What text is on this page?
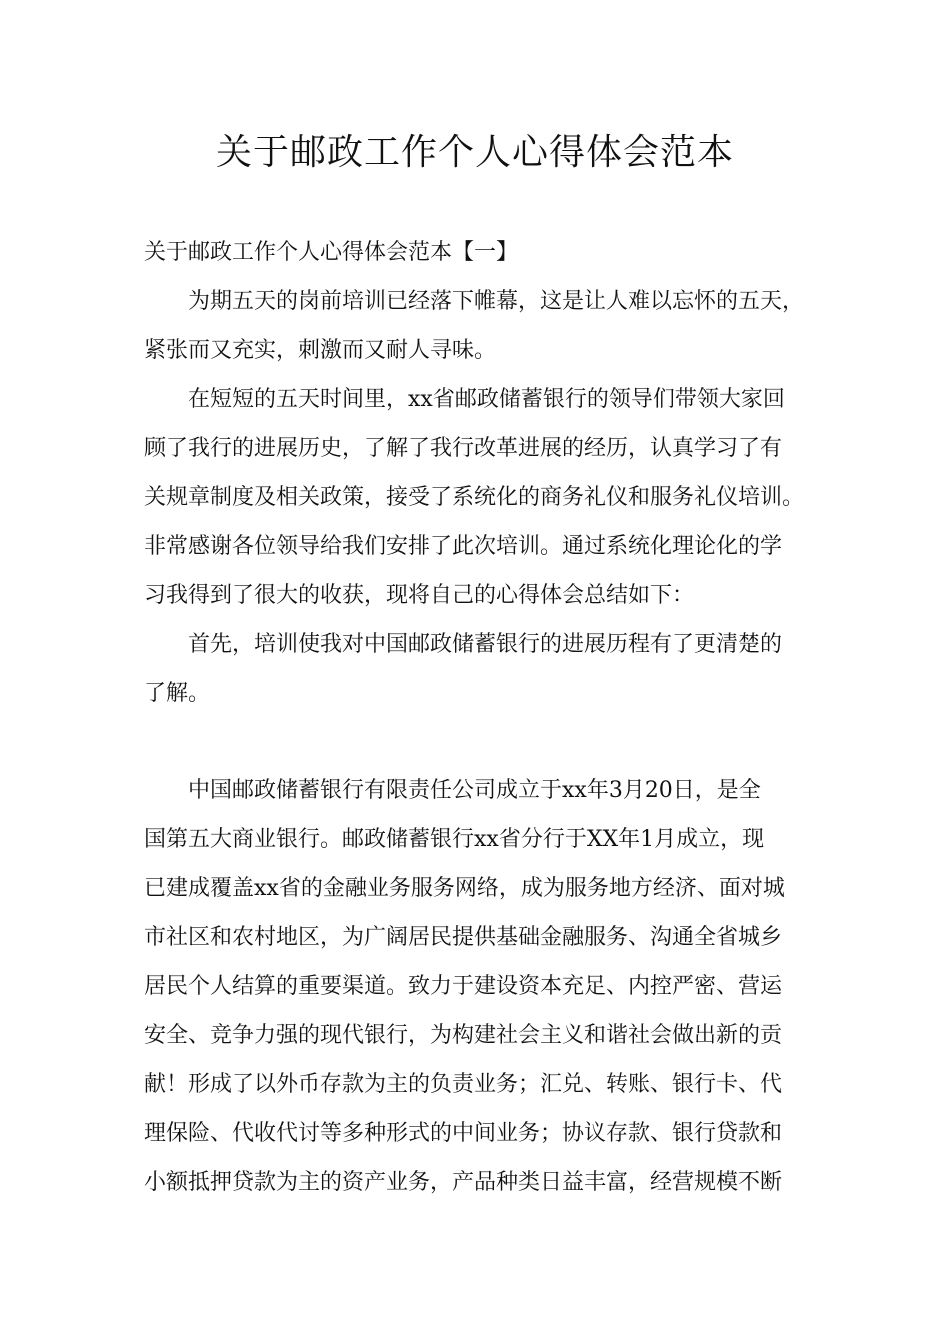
关于邮政工作个人心得体会范本
关于邮政工作个人心得体会范本【一】
为期五天的岗前培训已经落下帷幕，这是让人难以忘怀的五天，
紧张而又充实，刺激而又耐人寻味。
在短短的五天时间里，xx省邮政储蓄银行的领导们带领大家回
顾了我行的进展历史，了解了我行改革进展的经历，认真学习了有
关规章制度及相关政策，接受了系统化的商务礼仪和服务礼仪培训。
非常感谢各位领导给我们安排了此次培训。通过系统化理论化的学
习我得到了很大的收获，现将自己的心得体会总结如下：
首先，培训使我对中国邮政储蓄银行的进展历程有了更清楚的
了解。
中国邮政储蓄银行有限责任公司成立于xx年3月20日，是全
国第五大商业银行。邮政储蓄银行xx省分行于XX年1月成立，现
已建成覆盖xx省的金融业务服务网络，成为服务地方经济、面对城
市社区和农村地区，为广阔居民提供基础金融服务、沟通全省城乡
居民个人结算的重要渠道。致力于建设资本充足、内控严密、营运
安全、竞争力强的现代银行，为构建社会主义和谐社会做出新的贡
献！形成了以外币存款为主的负责业务；汇兑、转账、银行卡、代
理保险、代收代讨等多种形式的中间业务；协议存款、银行贷款和
小额抵押贷款为主的资产业务，产品种类日益丰富，经营规模不断
